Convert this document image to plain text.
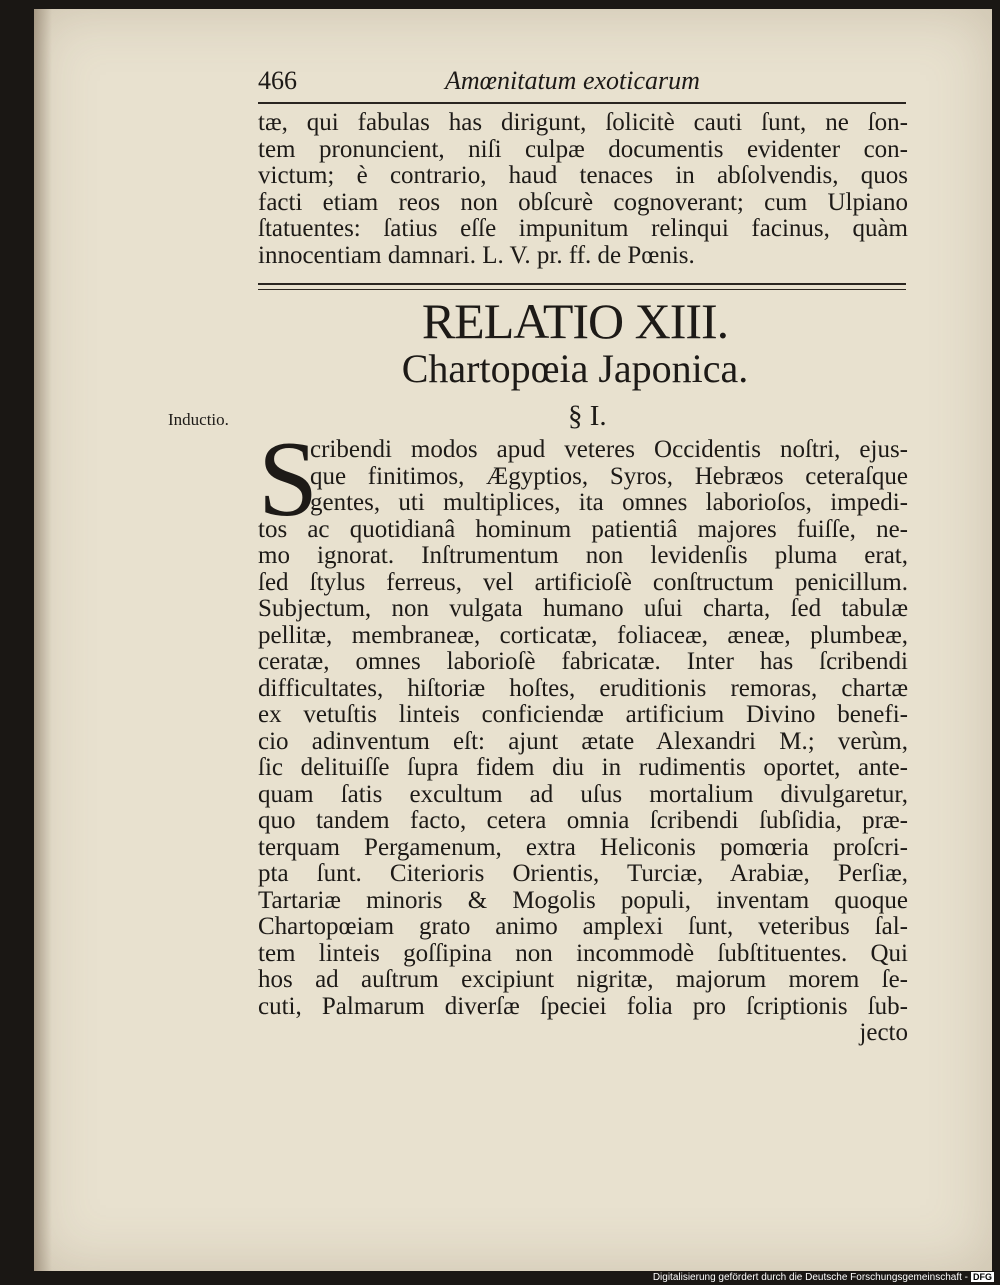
466	Amœnitatum exoticarum
tæ, qui fabulas has dirigunt, ſolicitè cauti ſunt, ne ſon-
tem pronuncient, niſi culpæ documentis evidenter con-
victum; è contrario, haud tenaces in abſolvendis, quos
facti etiam reos non obſcurè cognoverant; cum Ulpiano
ſtatuentes: ſatius eſſe impunitum relinqui facinus, quàm
innocentiam damnari. L. V. pr. ff. de Pœnis.
RELATIO XIII.
Chartopœia Japonica.
Inductio.	§ I.
S
cribendi modos apud veteres Occidentis noſtri, ejus-
que finitimos, Ægyptios, Syros, Hebræos ceteraſque
gentes, uti multiplices, ita omnes laborioſos, impedi-
tos ac quotidianâ hominum patientiâ majores fuiſſe, ne-
mo ignorat. Inſtrumentum non levidenſis pluma erat,
ſed ſtylus ferreus, vel artificioſè conſtructum penicillum.
Subjectum, non vulgata humano uſui charta, ſed tabulæ
pellitæ, membraneæ, corticatæ, foliaceæ, æneæ, plumbeæ,
ceratæ, omnes laborioſè fabricatæ. Inter has ſcribendi
difficultates, hiſtoriæ hoſtes, eruditionis remoras, chartæ
ex vetuſtis linteis conficiendæ artificium Divino benefi-
cio adinventum eſt: ajunt ætate Alexandri M.; verùm,
ſic delituiſſe ſupra fidem diu in rudimentis oportet, ante-
quam ſatis excultum ad uſus mortalium divulgaretur,
quo tandem facto, cetera omnia ſcribendi ſubſidia, præ-
terquam Pergamenum, extra Heliconis pomœria proſcri-
pta ſunt. Citerioris Orientis, Turciæ, Arabiæ, Perſiæ,
Tartariæ minoris & Mogolis populi, inventam quoque
Chartopœiam grato animo amplexi ſunt, veteribus ſal-
tem linteis goſſipina non incommodè ſubſtituentes. Qui
hos ad auſtrum excipiunt nigritæ, majorum morem ſe-
cuti, Palmarum diverſæ ſpeciei folia pro ſcriptionis ſub-
jecto
Digitalisierung gefördert durch die Deutsche Forschungsgemeinschaft - DFG
